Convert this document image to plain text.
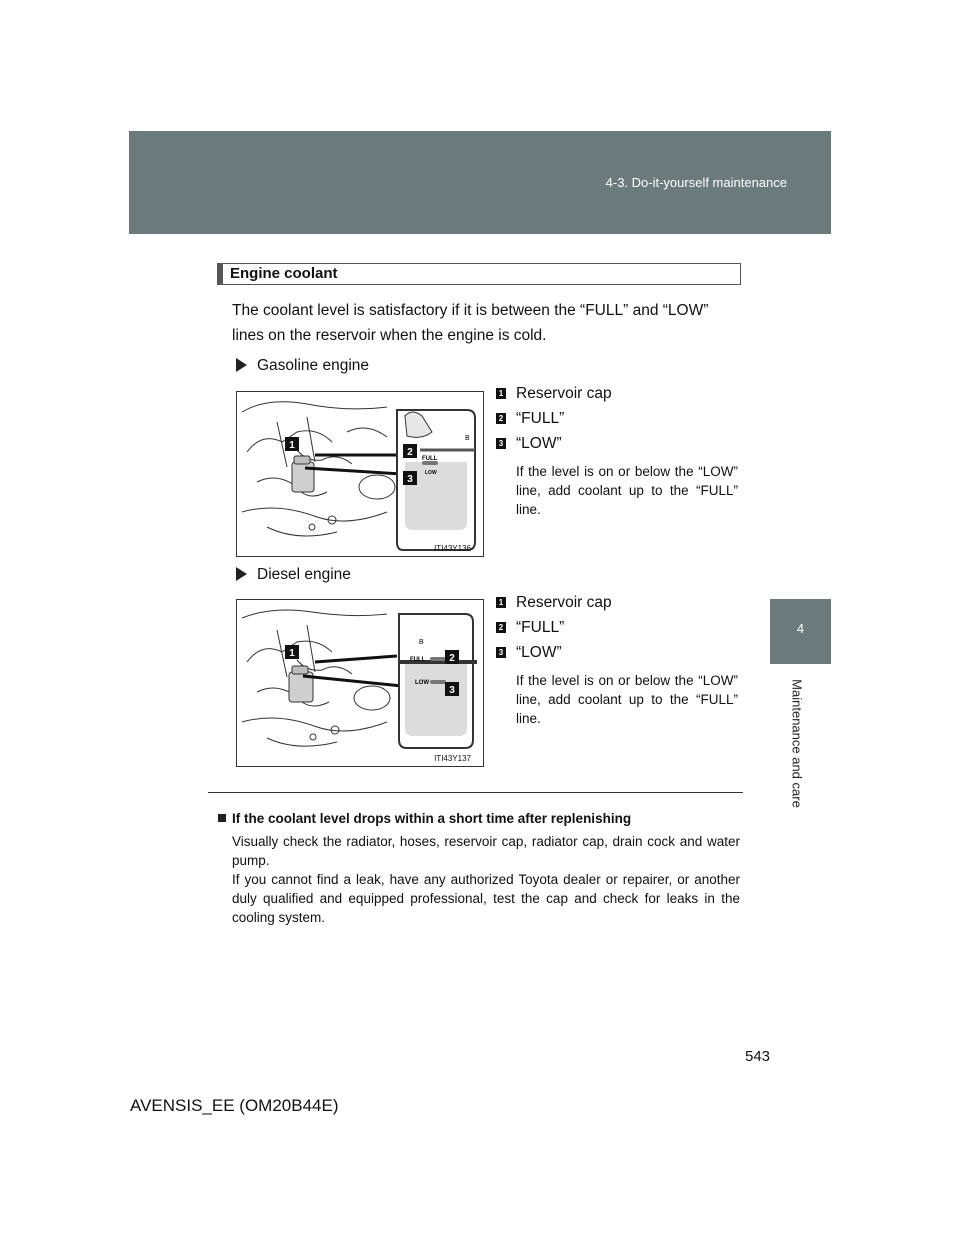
4-3. Do-it-yourself maintenance
4
Maintenance and care
Engine coolant
The coolant level is satisfactory if it is between the “FULL” and “LOW” lines on the reservoir when the engine is cold.
Gasoline engine
FULL
LOW
B
1
2
3
ITI43Y136
1 Reservoir cap
2 “FULL”
3 “LOW”
If the level is on or below the “LOW” line, add coolant up to the “FULL” line.
Diesel engine
FULL
LOW
B
1	2
3
ITI43Y137
1 Reservoir cap
2 “FULL”
3 “LOW”
If the level is on or below the “LOW” line, add coolant up to the “FULL” line.
If the coolant level drops within a short time after replenishing
Visually check the radiator, hoses, reservoir cap, radiator cap, drain cock and water pump.
If you cannot find a leak, have any authorized Toyota dealer or repairer, or another duly qualified and equipped professional, test the cap and check for leaks in the cooling system.
543
AVENSIS_EE (OM20B44E)
